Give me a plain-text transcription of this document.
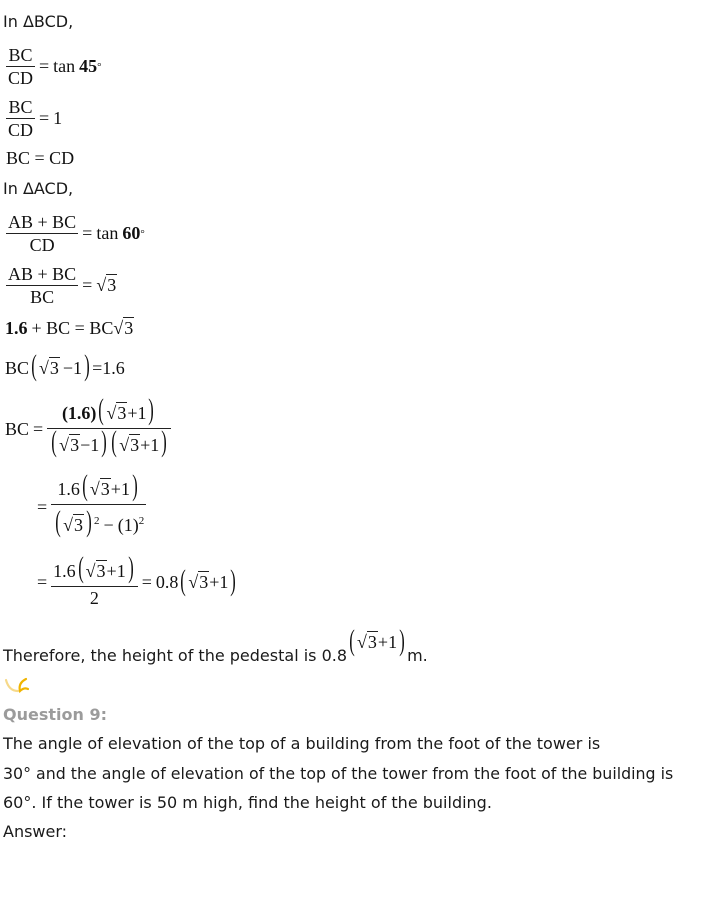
In ΔBCD,
$\frac{BC}{CD} = \tan 45$ °
$\frac{BC}{CD} = 1$
BC = CD
In ΔACD,
$\frac{AB + BC}{CD} = \tan 60$ °
$\frac{AB + BC}{BC} = √3$
1.6 + BC = BC √3
BC ( √3 −1 ) =1.6
BC = $\frac{(1.6)( √3+1)}{( √3-1) ( √3+1)}$
= $\frac{1.6( √3+1)}{( √3 ) ^2 - (1)^2}$
= $\frac{1.6( √3+1)}{2} = 0.8$ ( √3 +1 )
Therefore, the height of the pedestal is 0.8 ( √3 +1 ) m.
Question 9:
The angle of elevation of the top of a building from the foot of the tower is
30° and the angle of elevation of the top of the tower from the foot of the building is
60°. If the tower is 50 m high, find the height of the building.
Answer:
